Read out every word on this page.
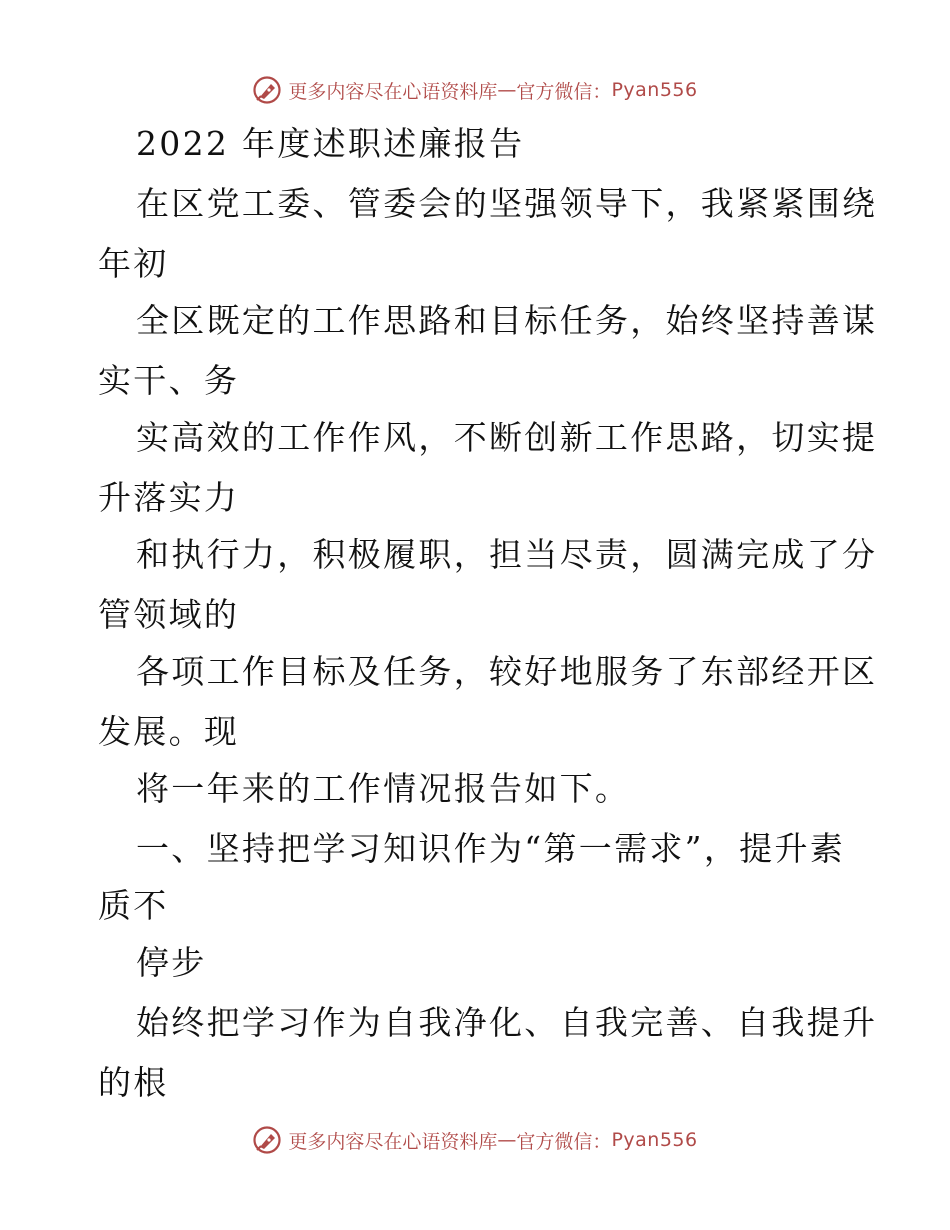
更多内容尽在心语资料库 — 官方微信： Pyan556
2022 年度述职述廉报告
在区党工委、管委会的坚强领导下，我紧紧围绕
年初
全区既定的工作思路和目标任务，始终坚持善谋
实干、务
实高效的工作作风，不断创新工作思路，切实提
升落实力
和执行力，积极履职，担当尽责，圆满完成了分
管领域的
各项工作目标及任务，较好地服务了东部经开区
发展。现
将一年来的工作情况报告如下。
一、坚持把学习知识作为“第一需求”，提升素
质不
停步
始终把学习作为自我净化、自我完善、自我提升
的根
更多内容尽在心语资料库 — 官方微信： Pyan556
